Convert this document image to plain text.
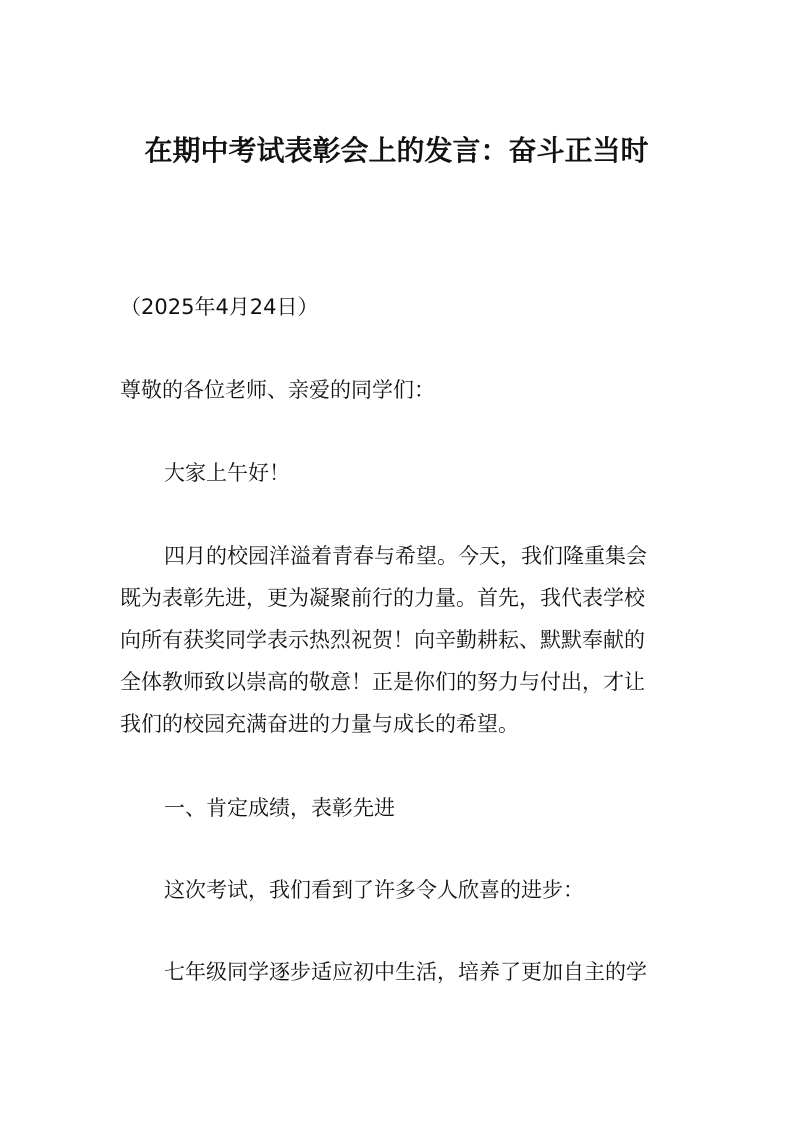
在期中考试表彰会上的发言：奋斗正当时
（2025年4月24日）
尊敬的各位老师、亲爱的同学们：
大家上午好！
四月的校园洋溢着青春与希望。今天，我们隆重集会
既为表彰先进，更为凝聚前行的力量。首先，我代表学校
向所有获奖同学表示热烈祝贺！向辛勤耕耘、默默奉献的
全体教师致以崇高的敬意！正是你们的努力与付出，才让
我们的校园充满奋进的力量与成长的希望。
一、肯定成绩，表彰先进
这次考试，我们看到了许多令人欣喜的进步：
七年级同学逐步适应初中生活，培养了更加自主的学
